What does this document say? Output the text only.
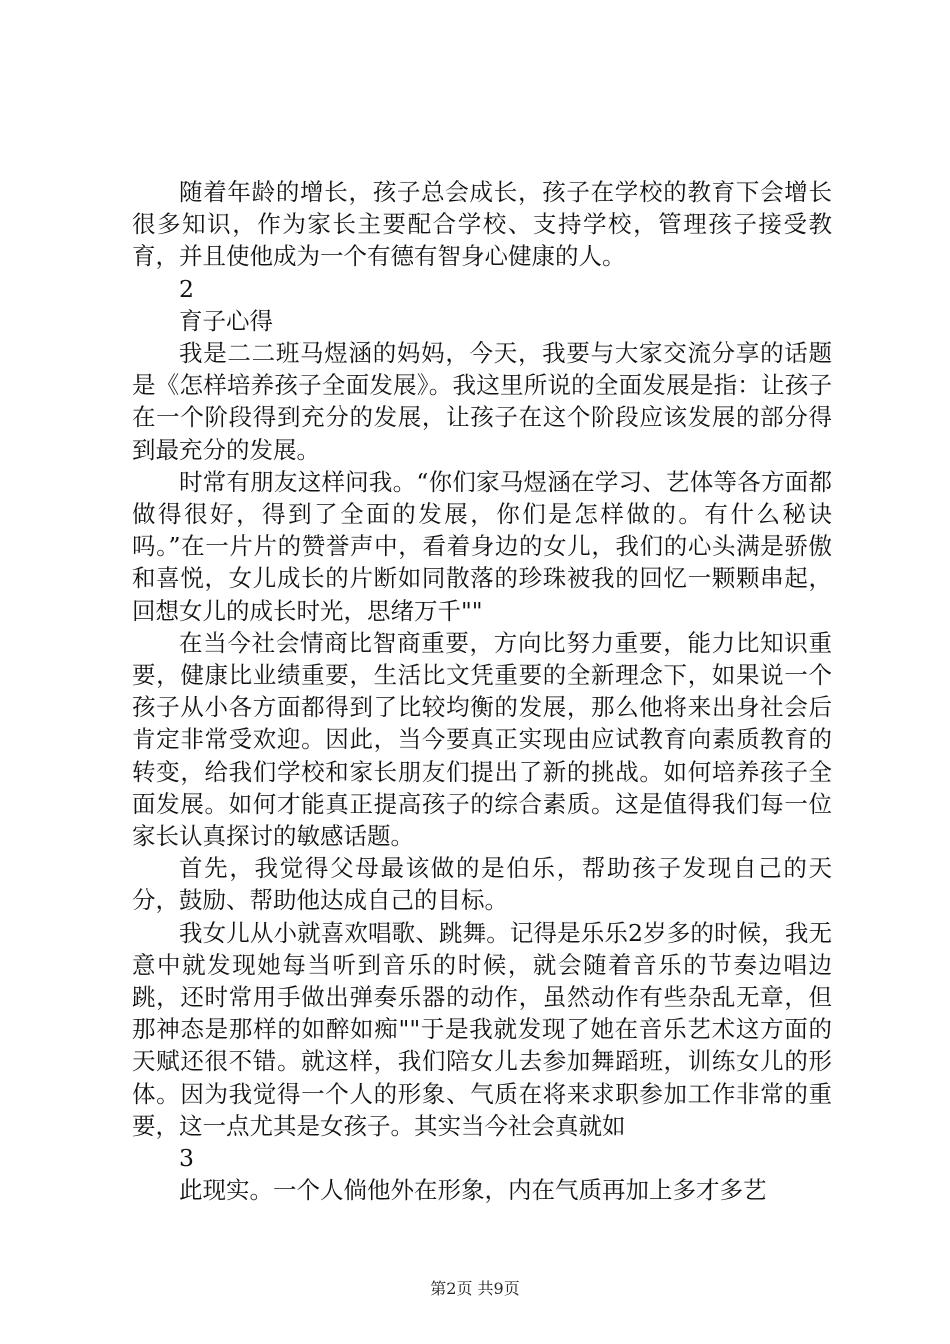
随着年龄的增长，孩子总会成长，孩子在学校的教育下会增长很多知识，作为家长主要配合学校、支持学校，管理孩子接受教育，并且使他成为一个有德有智身心健康的人。

2

育子心得

我是二二班马煜涵的妈妈，今天，我要与大家交流分享的话题是《怎样培养孩子全面发展》。我这里所说的全面发展是指：让孩子在一个阶段得到充分的发展，让孩子在这个阶段应该发展的部分得到最充分的发展。

时常有朋友这样问我。“你们家马煜涵在学习、艺体等各方面都做得很好，得到了全面的发展，你们是怎样做的。有什么秘诀吗。”在一片片的赞誉声中，看着身边的女儿，我们的心头满是骄傲和喜悦，女儿成长的片断如同散落的珍珠被我的回忆一颗颗串起，回想女儿的成长时光，思绪万千""

在当今社会情商比智商重要，方向比努力重要，能力比知识重要，健康比业绩重要，生活比文凭重要的全新理念下，如果说一个孩子从小各方面都得到了比较均衡的发展，那么他将来出身社会后肯定非常受欢迎。因此，当今要真正实现由应试教育向素质教育的转变，给我们学校和家长朋友们提出了新的挑战。如何培养孩子全面发展。如何才能真正提高孩子的综合素质。这是值得我们每一位家长认真探讨的敏感话题。

首先，我觉得父母最该做的是伯乐，帮助孩子发现自己的天分，鼓励、帮助他达成自己的目标。

我女儿从小就喜欢唱歌、跳舞。记得是乐乐2岁多的时候，我无意中就发现她每当听到音乐的时候，就会随着音乐的节奏边唱边跳，还时常用手做出弹奏乐器的动作，虽然动作有些杂乱无章，但那神态是那样的如醉如痴""于是我就发现了她在音乐艺术这方面的天赋还很不错。就这样，我们陪女儿去参加舞蹈班，训练女儿的形体。因为我觉得一个人的形象、气质在将来求职参加工作非常的重要，这一点尤其是女孩子。其实当今社会真就如

3

此现实。一个人倘他外在形象，内在气质再加上多才多艺

第2页 共9页
